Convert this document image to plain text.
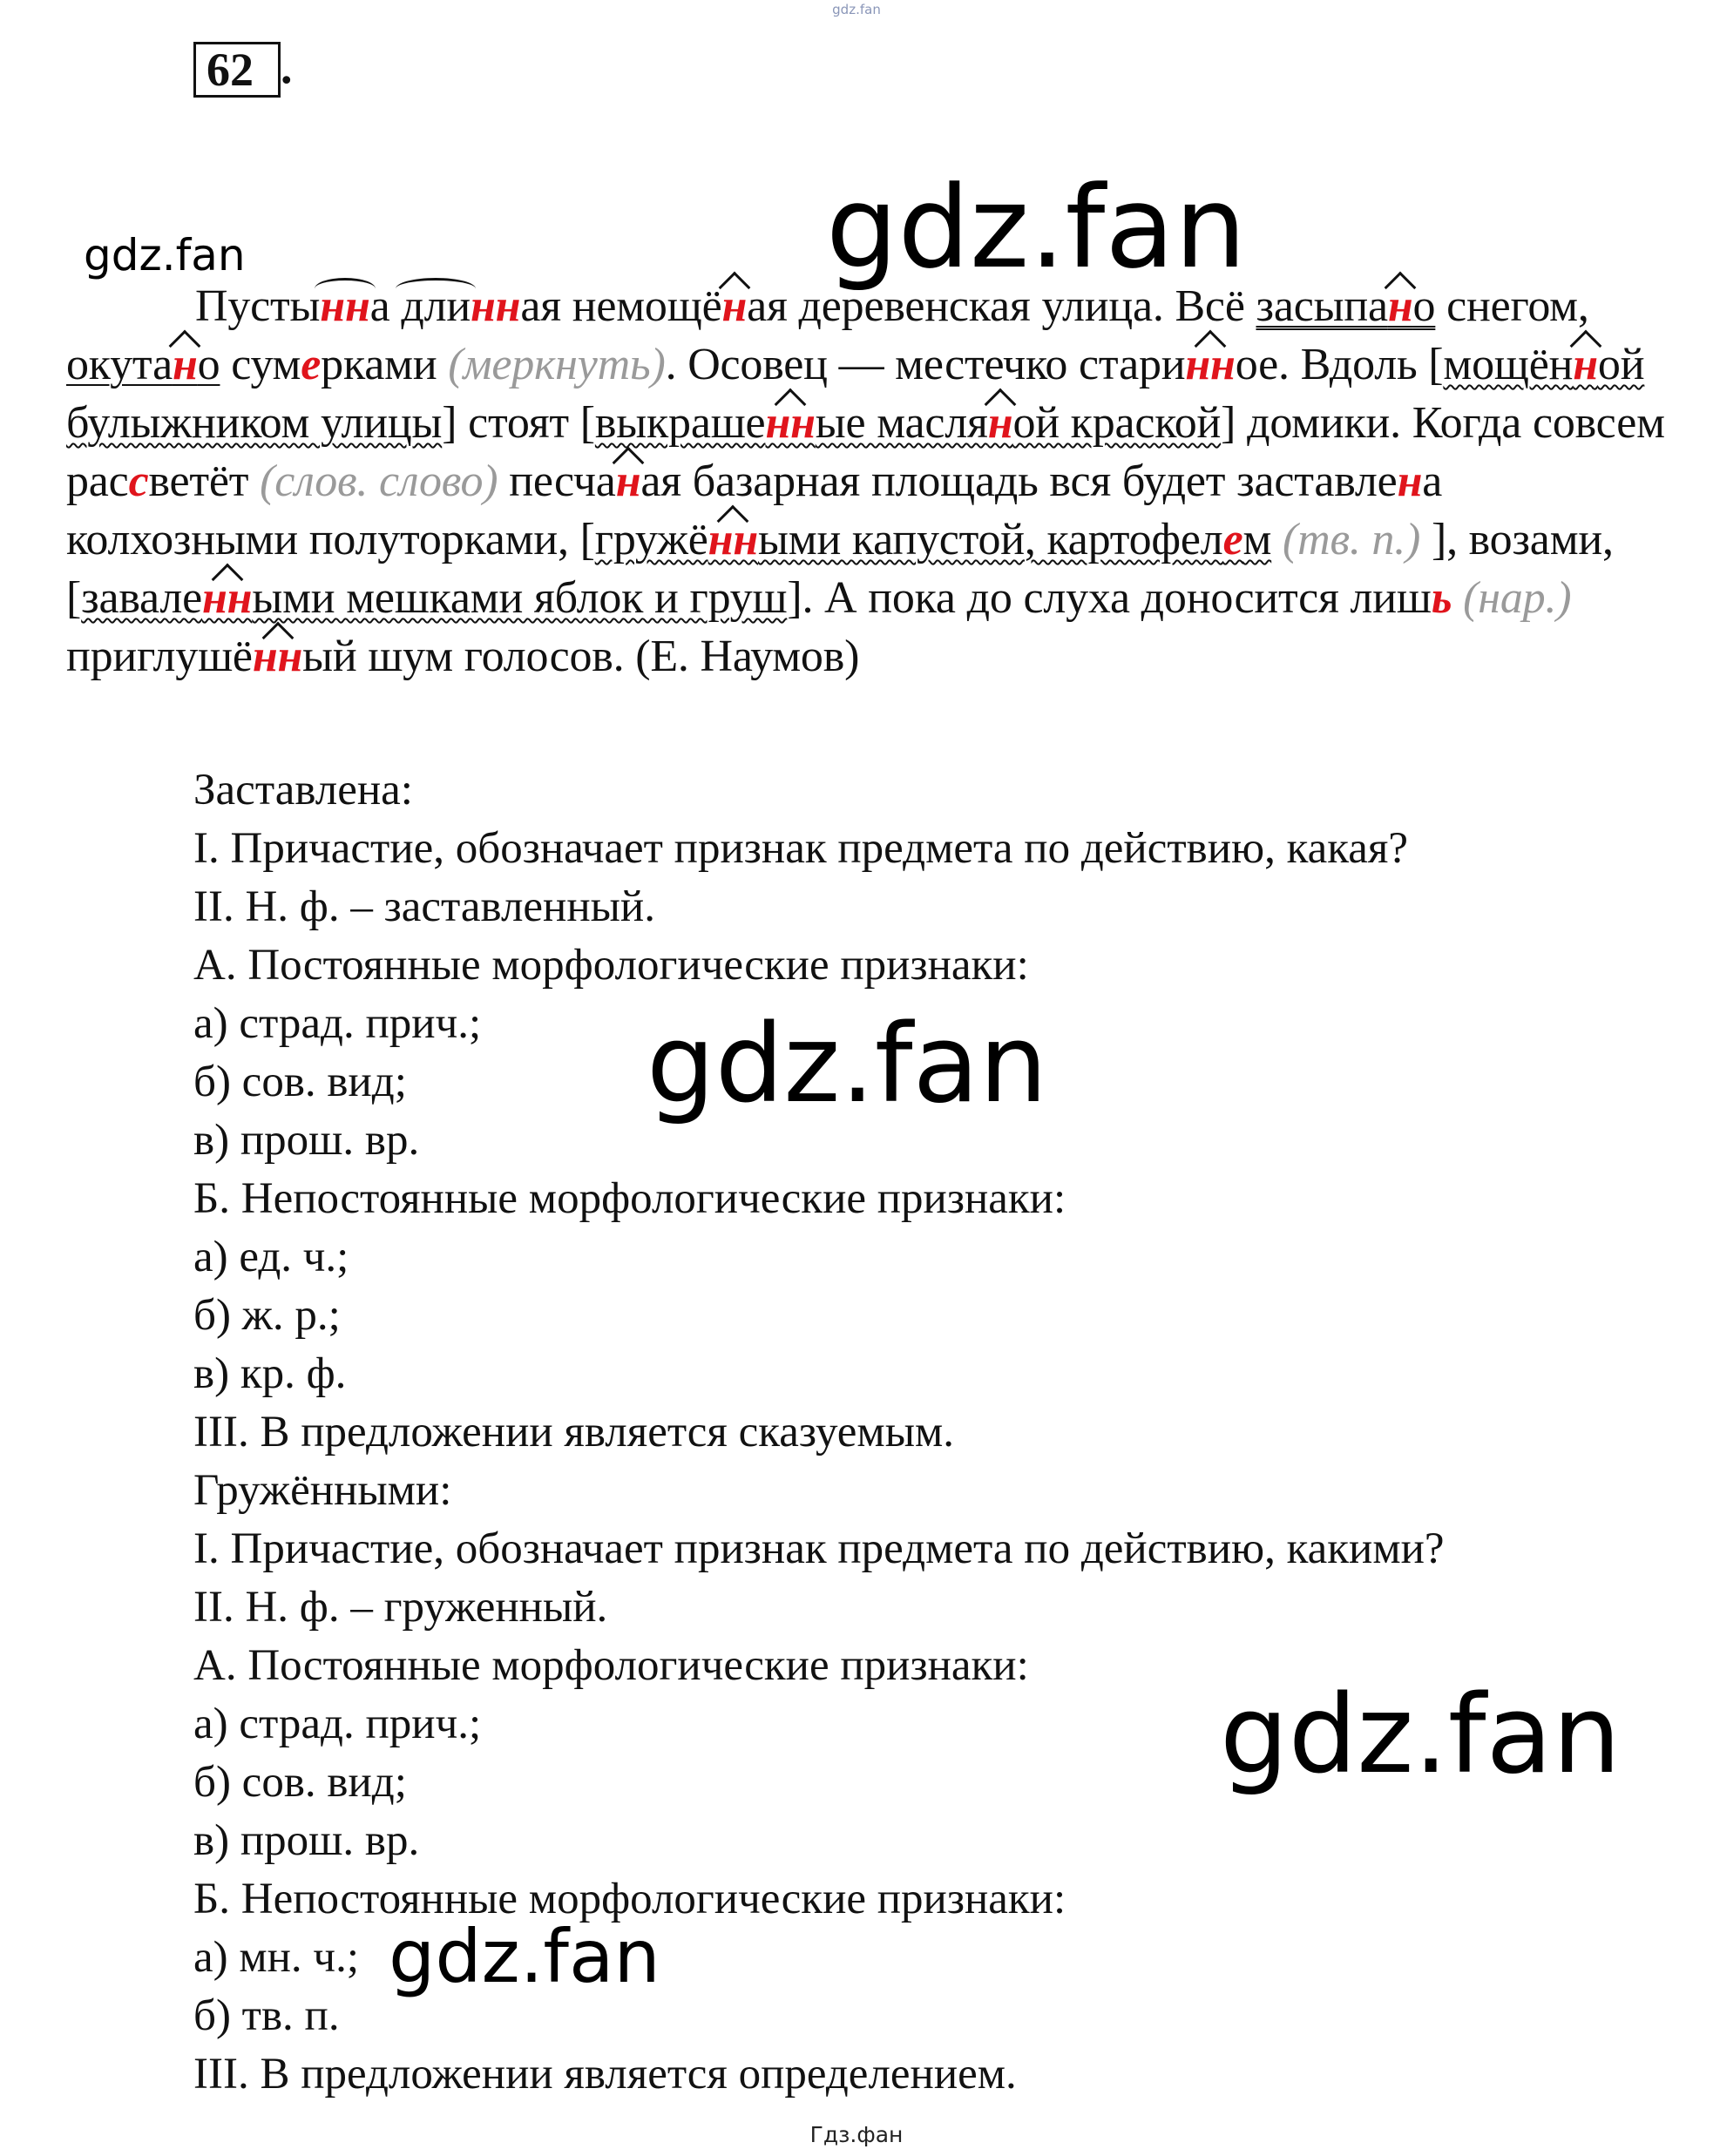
gdz.fan
62 .
gdz.fan	gdz.fan
Пустынна длинная немощёная деревенская улица. Всё засыпано снегом, окутано сумерками (меркнуть). Осовец — местечко старинное. Вдоль [мощённой булыжником улицы] стоят [выкрашенные масляной краской] домики. Когда совсем рассветёт (слов. слово) песчаная базарная площадь вся будет заставлена колхозными полуторками, [гружёнными капустой, картофелем (тв. п.) ], возами, [заваленными мешками яблок и груш]. А пока до слуха доносится лишь (нар.) приглушённый шум голосов. (Е. Наумов)
Заставлена:
I. Причастие, обозначает признак предмета по действию, какая?
II. Н. ф. – заставленный.
А. Постоянные морфологические признаки:
а) страд. прич.;
б) сов. вид;
в) прош. вр.
Б. Непостоянные морфологические признаки:
а) ед. ч.;
б) ж. р.;
в) кр. ф.
III. В предложении является сказуемым.
Гружёнными:
I. Причастие, обозначает признак предмета по действию, какими?
II. Н. ф. – груженный.
А. Постоянные морфологические признаки:
а) страд. прич.;
б) сов. вид;
в) прош. вр.
Б. Непостоянные морфологические признаки:
а) мн. ч.;
б) тв. п.
III. В предложении является определением.
gdz.fan
gdz.fan
gdz.fan
Гдз.фан
